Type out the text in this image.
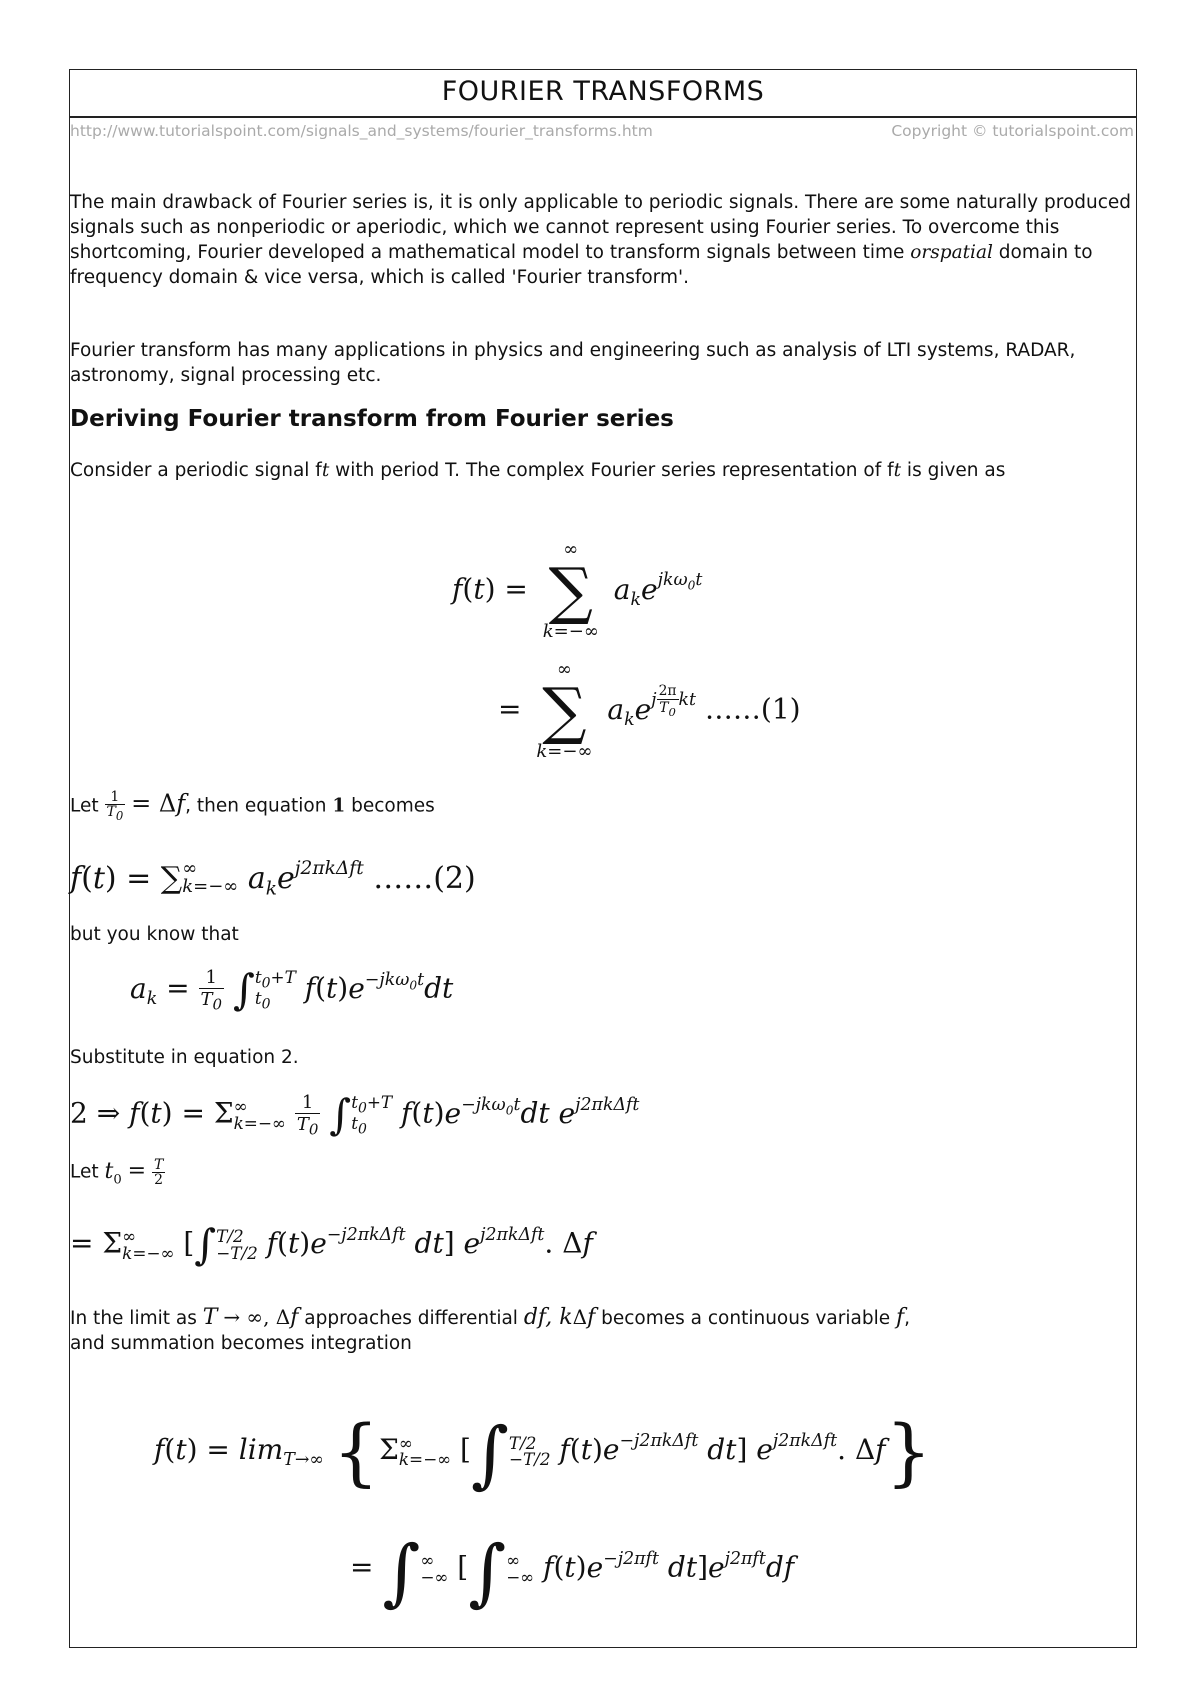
FOURIER TRANSFORMS
http://www.tutorialspoint.com/signals_and_systems/fourier_transforms.htm	Copyright © tutorialspoint.com
The main drawback of Fourier series is, it is only applicable to periodic signals. There are some naturally produced signals such as nonperiodic or aperiodic, which we cannot represent using Fourier series. To overcome this shortcoming, Fourier developed a mathematical model to transform signals between time orspatial domain to frequency domain & vice versa, which is called 'Fourier transform'.
Fourier transform has many applications in physics and engineering such as analysis of LTI systems, RADAR, astronomy, signal processing etc.
Deriving Fourier transform from Fourier series
Consider a periodic signal ft with period T. The complex Fourier series representation of ft is given as
f(t) =
∞
∑
k=−∞
$a_ke^{jk\omega_0t}$
=
∞
∑
k=−∞
$a_ke^{j \frac{2\pi}{T_0} kt}$ ……(1)
Let $\frac{1}{T_0} = \Delta f$, then equation 1 becomes
f(t) = ∑ ∞
k=−∞ $a_ke^{j2\pi k\Delta ft}$ ……(2)
but you know that
$a_k = \frac{1}{T_0}$ ∫ $t_0+T$
$t_0$	$f(t)e^{-jk\omega_0t}dt$
Substitute in equation 2.
2 ⇒ f(t) = Σ ∞
k=−∞
$\frac{1}{T_0}$ ∫ $t_0+T$
$t_0$	$f(t)e^{-jk\omega_0t}dt$ $e^{j2\pi k\Delta ft}$
Let $t_0 = \frac{T}{2}$
= Σ ∞
k=−∞ [∫ T/2
−T/2 $f(t)e^{-j2\pi k\Delta ft}$ dt] $e^{j2\pi k\Delta ft}$. Δf
In the limit as T → ∞, Δf approaches differential df, kΔf becomes a continuous variable f,
and summation becomes integration
$f(t) = \lim_{T\to\infty} \{\Sigma$ ∞
k=−∞ [∫ T/2
−T/2 $f(t)e^{-j2\pi k\Delta ft}$ dt] $e^{j2\pi k\Delta ft}$. Δf}
= ∫ ∞
−∞ [∫ ∞
−∞ $f(t)e^{-j2\pi ft}$ $dt]e^{j2\pi ft}df$
